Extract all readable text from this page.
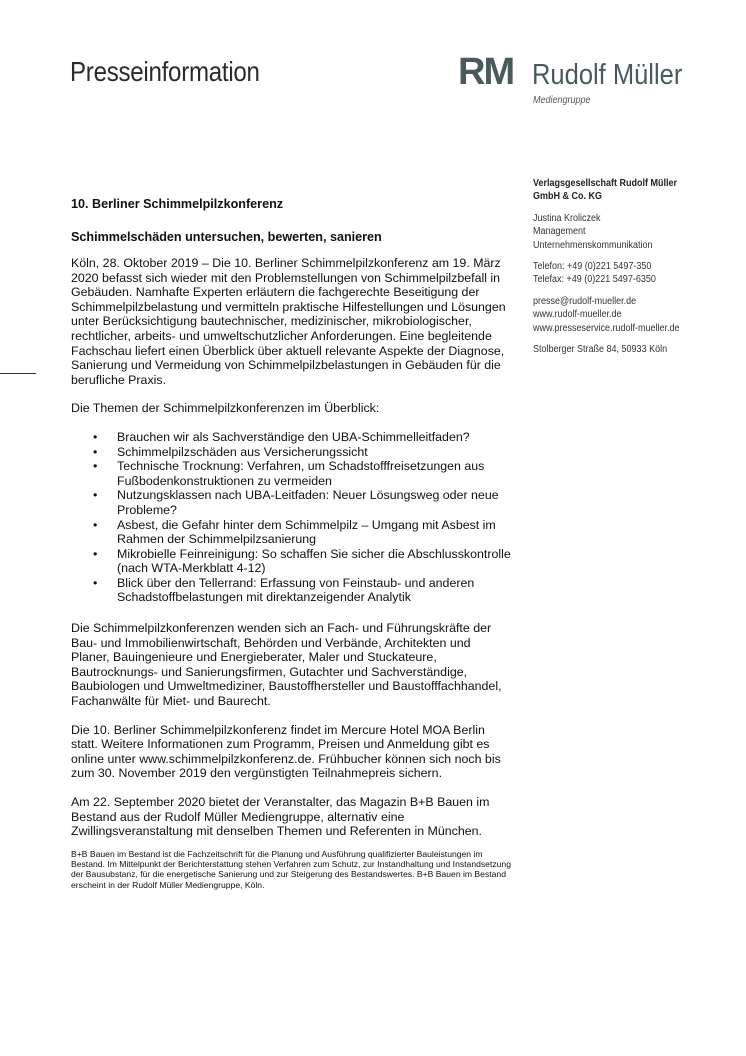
Presseinformation	RM Rudolf Müller
Mediengruppe
Verlagsgesellschaft Rudolf Müller
GmbH & Co. KG
Justina Kroliczek
Management
Unternehmenskommunikation
Telefon: +49 (0)221 5497-350
Telefax: +49 (0)221 5497-6350
presse@rudolf-mueller.de
www.rudolf-mueller.de
www.presseservice.rudolf-mueller.de
Stolberger Straße 84, 50933 Köln
10. Berliner Schimmelpilzkonferenz
Schimmelschäden untersuchen, bewerten, sanieren

Köln, 28. Oktober 2019 – Die 10. Berliner Schimmelpilzkonferenz am 19. März 2020 befasst sich wieder mit den Problemstellungen von Schimmelpilzbefall in Gebäuden. Namhafte Experten erläutern die fachgerechte Beseitigung der Schimmelpilzbelastung und vermitteln praktische Hilfestellungen und Lösungen unter Berücksichtigung bautechnischer, medizinischer, mikrobiologischer, rechtlicher, arbeits- und umweltschutzlicher Anforderungen. Eine begleitende Fachschau liefert einen Überblick über aktuell relevante Aspekte der Diagnose, Sanierung und Vermeidung von Schimmelpilzbelastungen in Gebäuden für die berufliche Praxis.

Die Themen der Schimmelpilzkonferenzen im Überblick:

• Brauchen wir als Sachverständige den UBA-Schimmelleitfaden?
• Schimmelpilzschäden aus Versicherungssicht
• Technische Trocknung: Verfahren, um Schadstofffreisetzungen aus Fußbodenkonstruktionen zu vermeiden
• Nutzungsklassen nach UBA-Leitfaden: Neuer Lösungsweg oder neue Probleme?
• Asbest, die Gefahr hinter dem Schimmelpilz – Umgang mit Asbest im Rahmen der Schimmelpilzsanierung
• Mikrobielle Feinreinigung: So schaffen Sie sicher die Abschlusskontrolle (nach WTA-Merkblatt 4-12)
• Blick über den Tellerrand: Erfassung von Feinstaub- und anderen Schadstoffbelastungen mit direktanzeigender Analytik

Die Schimmelpilzkonferenzen wenden sich an Fach- und Führungskräfte der Bau- und Immobilienwirtschaft, Behörden und Verbände, Architekten und Planer, Bauingenieure und Energieberater, Maler und Stuckateure, Bautrocknungs- und Sanierungsfirmen, Gutachter und Sachverständige, Baubiologen und Umweltmediziner, Baustoffhersteller und Baustofffachhandel, Fachanwälte für Miet- und Baurecht.

Die 10. Berliner Schimmelpilzkonferenz findet im Mercure Hotel MOA Berlin statt. Weitere Informationen zum Programm, Preisen und Anmeldung gibt es online unter www.schimmelpilzkonferenz.de. Frühbucher können sich noch bis zum 30. November 2019 den vergünstigten Teilnahmepreis sichern.

Am 22. September 2020 bietet der Veranstalter, das Magazin B+B Bauen im Bestand aus der Rudolf Müller Mediengruppe, alternativ eine Zwillingsveranstaltung mit denselben Themen und Referenten in München.

B+B Bauen im Bestand ist die Fachzeitschrift für die Planung und Ausführung qualifizierter Bauleistungen im Bestand. Im Mittelpunkt der Berichterstattung stehen Verfahren zum Schutz, zur Instandhaltung und Instandsetzung der Bausubstanz, für die energetische Sanierung und zur Steigerung des Bestandswertes. B+B Bauen im Bestand erscheint in der Rudolf Müller Mediengruppe, Köln.
